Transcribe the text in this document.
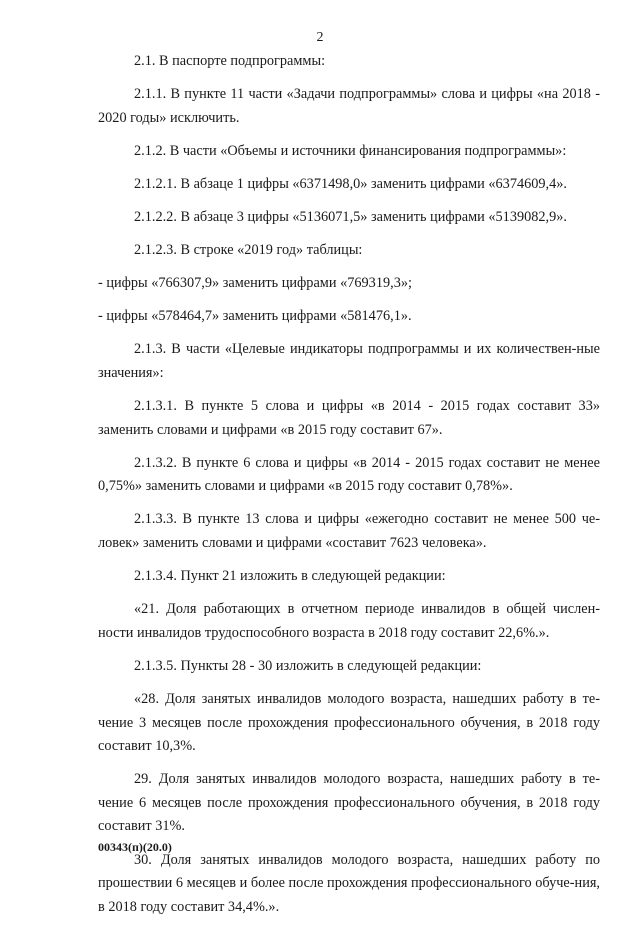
2

2.1. В паспорте подпрограммы:

2.1.1. В пункте 11 части «Задачи подпрограммы» слова и цифры «на 2018 - 2020 годы» исключить.

2.1.2. В части «Объемы и источники финансирования подпрограммы»:

2.1.2.1. В абзаце 1 цифры «6371498,0» заменить цифрами «6374609,4».

2.1.2.2. В абзаце 3 цифры «5136071,5» заменить цифрами «5139082,9».

2.1.2.3. В строке «2019 год» таблицы:

- цифры «766307,9» заменить цифрами «769319,3»;

- цифры «578464,7» заменить цифрами «581476,1».

2.1.3. В части «Целевые индикаторы подпрограммы и их количествен-ные значения»:

2.1.3.1. В пункте 5 слова и цифры «в 2014 - 2015 годах составит 33» заменить словами и цифрами «в 2015 году составит 67».

2.1.3.2. В пункте 6 слова и цифры «в 2014 - 2015 годах составит не менее 0,75%» заменить словами и цифрами «в 2015 году составит 0,78%».

2.1.3.3. В пункте 13 слова и цифры «ежегодно составит не менее 500 че-ловек» заменить словами и цифрами «составит 7623 человека».

2.1.3.4. Пункт 21 изложить в следующей редакции:

«21. Доля работающих в отчетном периоде инвалидов в общей числен-ности инвалидов трудоспособного возраста в 2018 году составит 22,6%.».

2.1.3.5. Пункты 28 - 30 изложить в следующей редакции:

«28. Доля занятых инвалидов молодого возраста, нашедших работу в те-чение 3 месяцев после прохождения профессионального обучения, в 2018 году составит 10,3%.

29. Доля занятых инвалидов молодого возраста, нашедших работу в те-чение 6 месяцев после прохождения профессионального обучения, в 2018 году составит 31%.

30. Доля занятых инвалидов молодого возраста, нашедших работу по прошествии 6 месяцев и более после прохождения профессионального обуче-ния, в 2018 году составит 34,4%.».

00343(п)(20.0)
